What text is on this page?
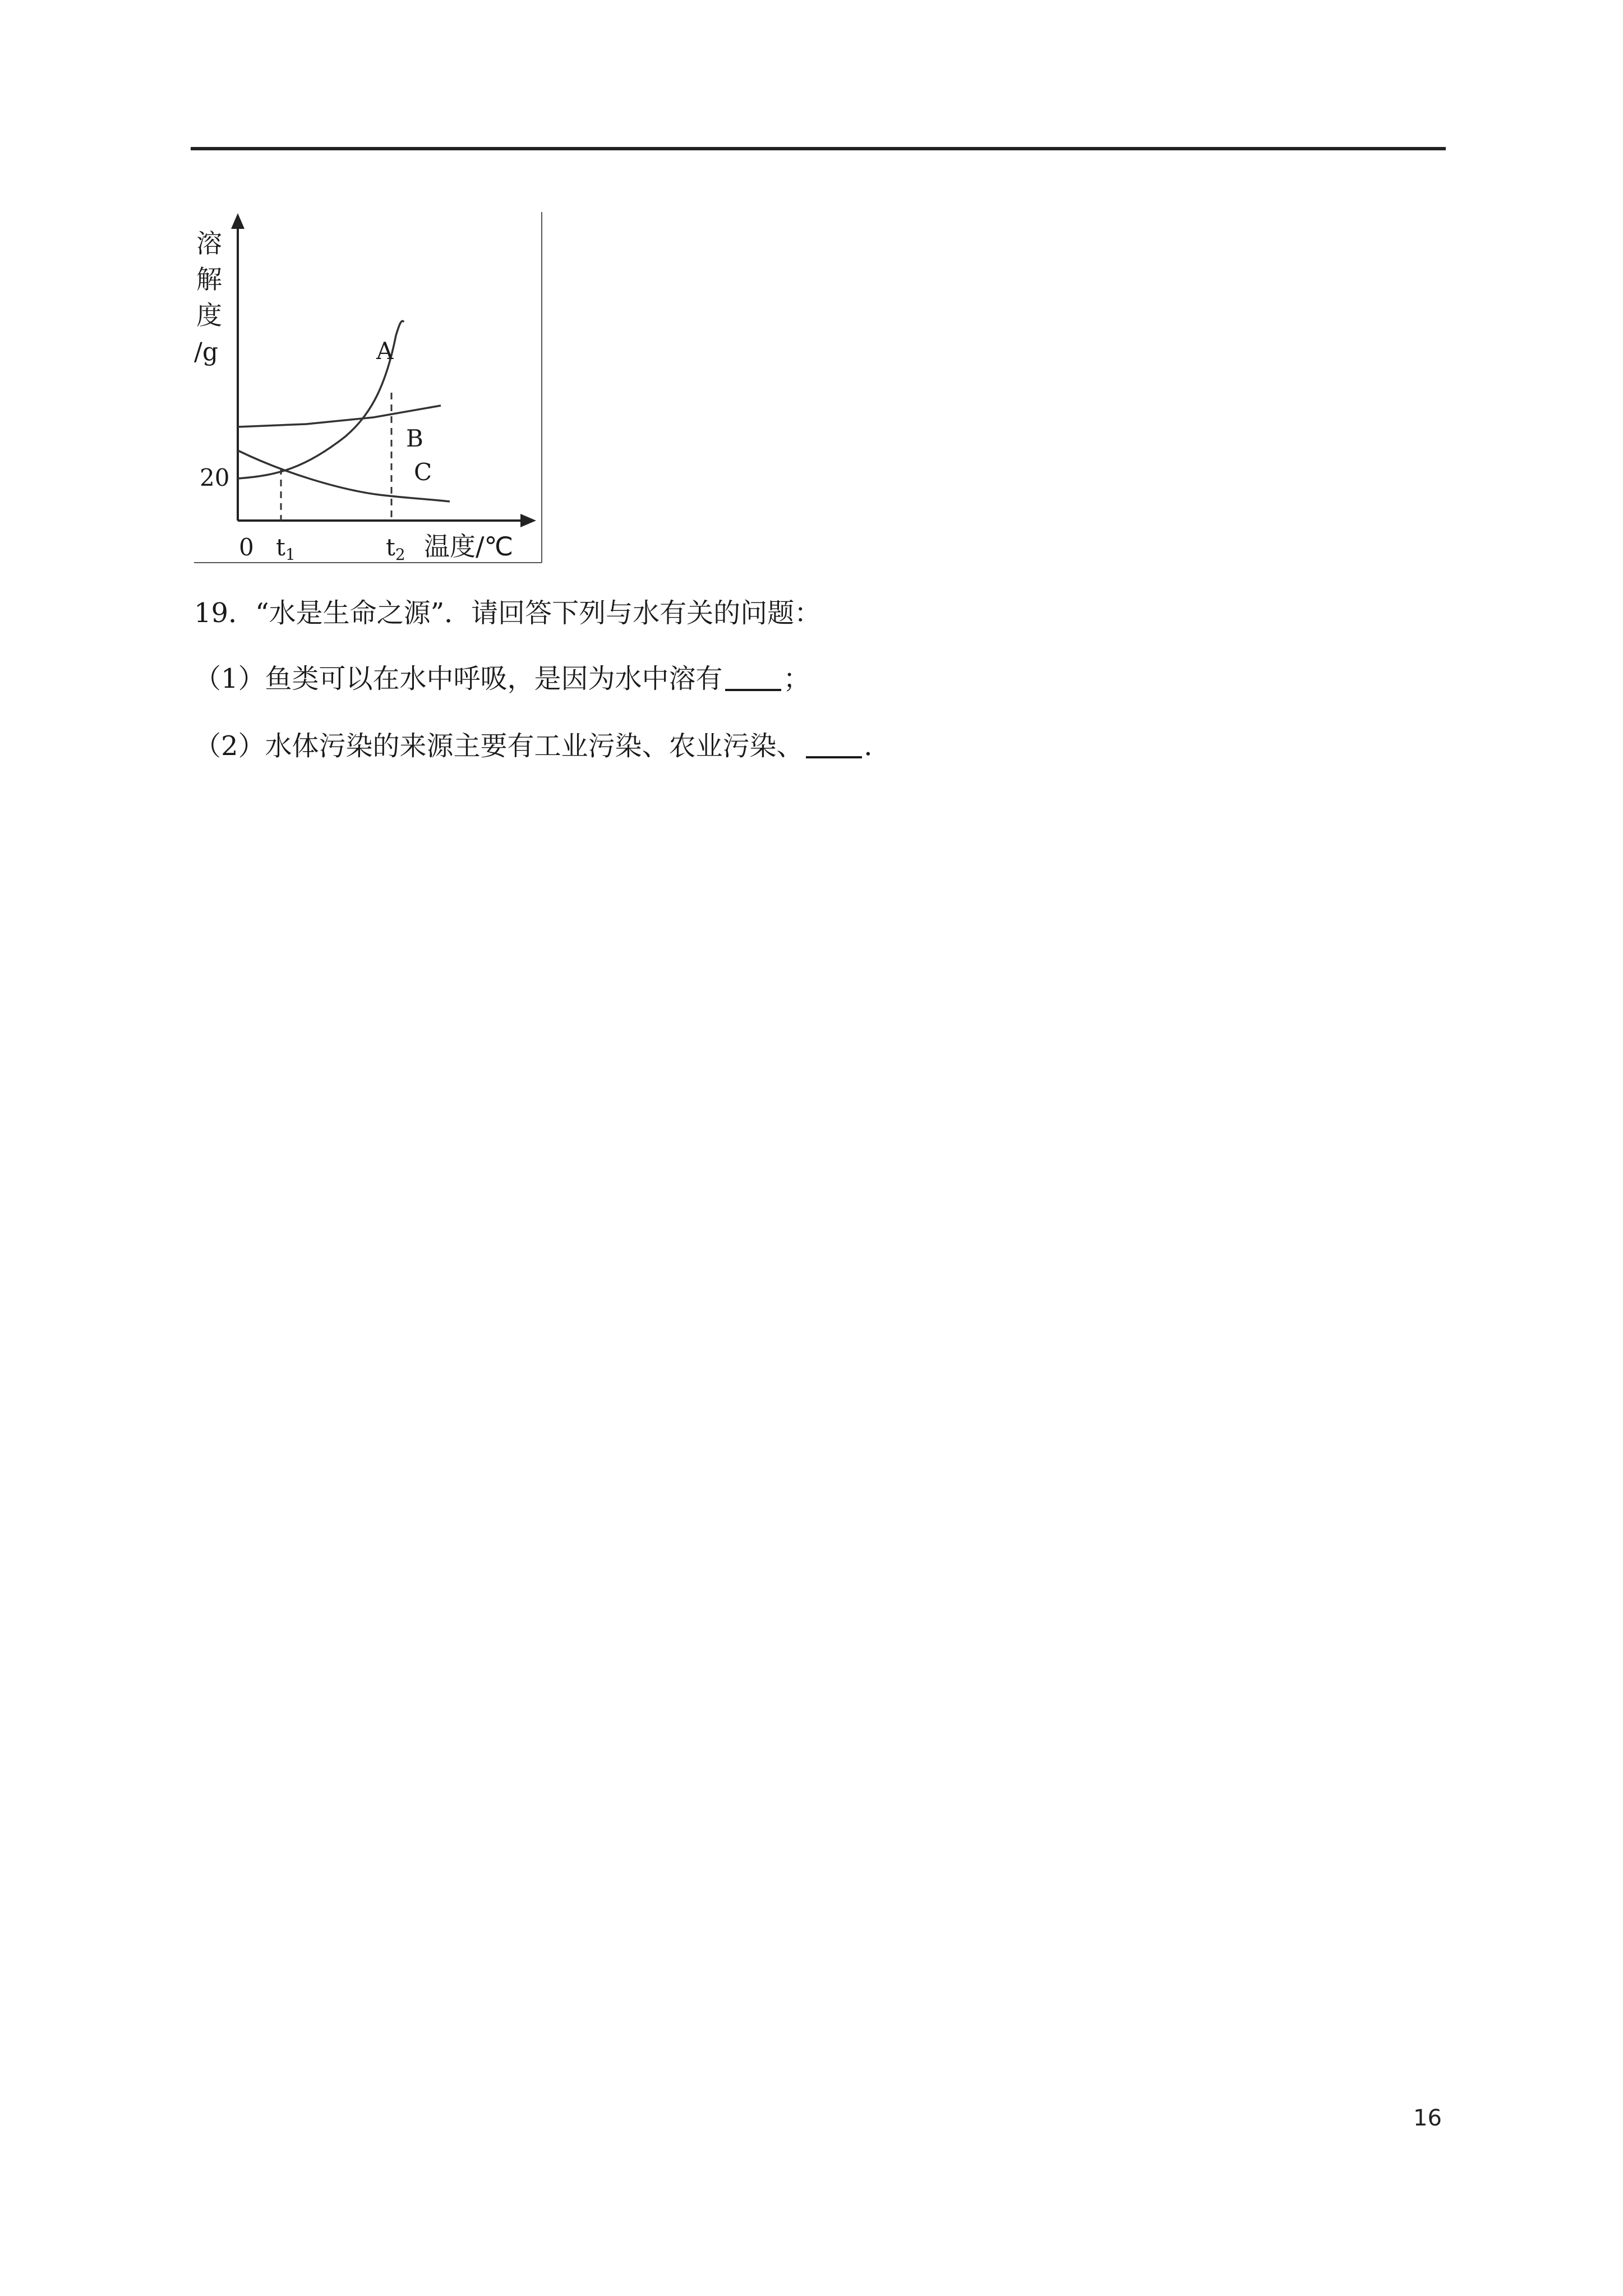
溶
解
度
/g
20
A
B
C
0 t1	t2 温度/℃
19．“水是生命之源”．请回答下列与水有关的问题：
（1）鱼类可以在水中呼吸，是因为水中溶有 ；
（2）水体污染的来源主要有工业污染、农业污染、 ．
16
